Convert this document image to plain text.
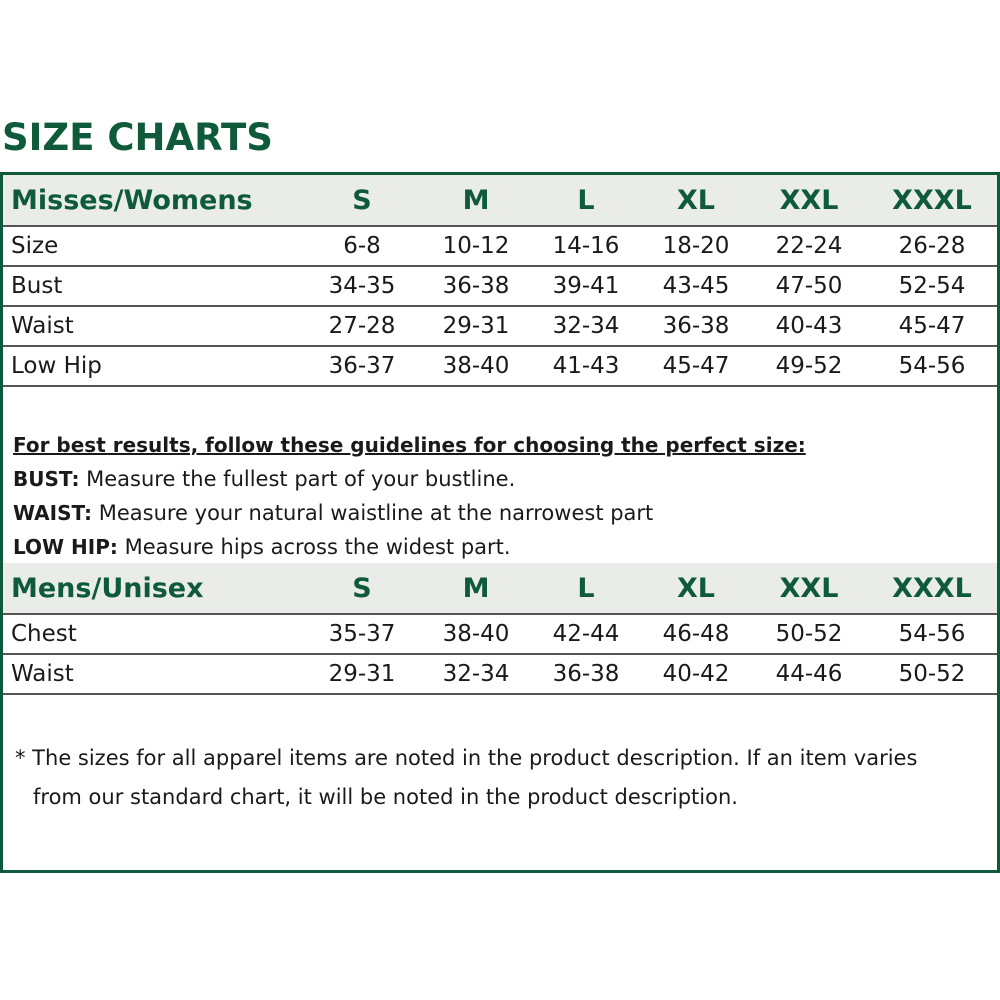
SIZE CHARTS
Misses/Womens	S	M	L	XL	XXL	XXXL
Size	6-8	10-12	14-16	18-20	22-24	26-28
Bust	34-35	36-38	39-41	43-45	47-50	52-54
Waist	27-28	29-31	32-34	36-38	40-43	45-47
Low Hip	36-37	38-40	41-43	45-47	49-52	54-56

For best results, follow these guidelines for choosing the perfect size:

BUST: Measure the fullest part of your bustline.

WAIST: Measure your natural waistline at the narrowest part

LOW HIP: Measure hips across the widest part.

Mens/Unisex	S	M	L	XL	XXL	XXXL
Chest	35-37	38-40	42-44	46-48	50-52	54-56
Waist	29-31	32-34	36-38	40-42	44-46	50-52
* The sizes for all apparel items are noted in the product description. If an item varies
from our standard chart, it will be noted in the product description.
